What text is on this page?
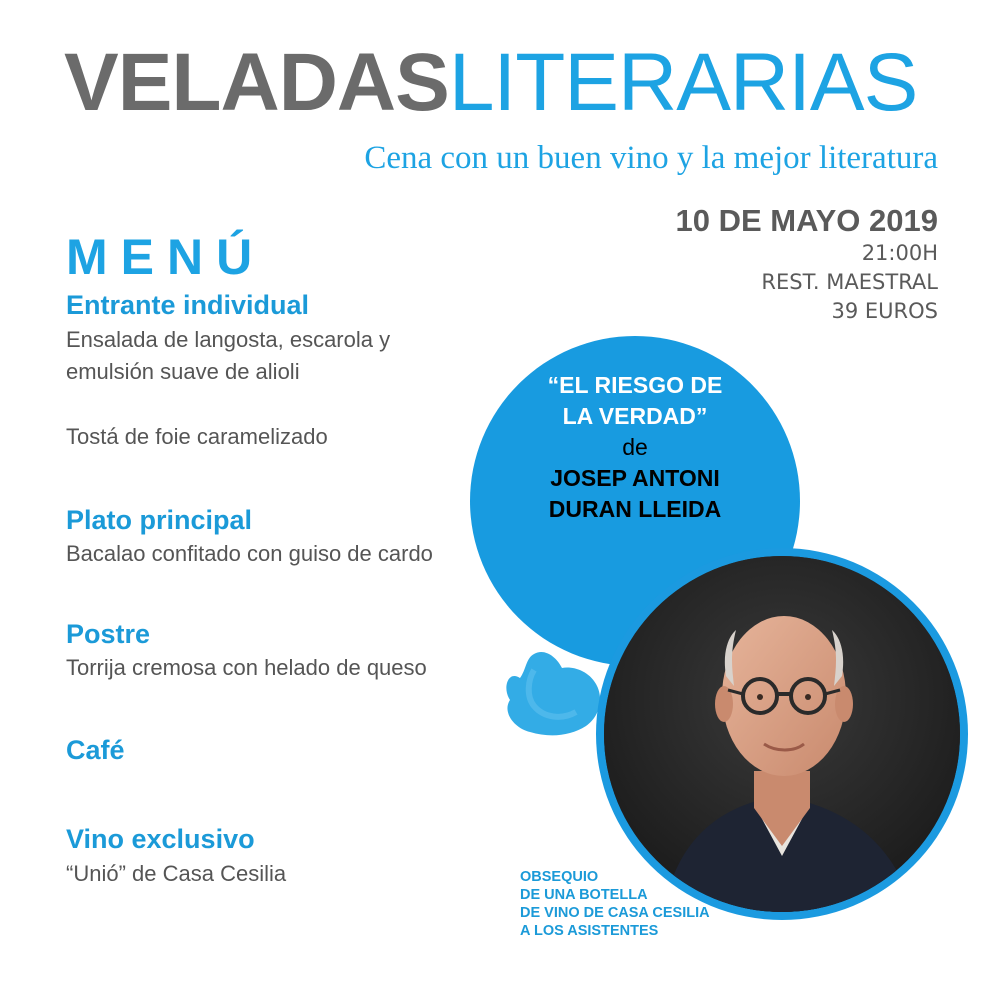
VELADASLITERARIAS
Cena con un buen vino y la mejor literatura
10 DE MAYO 2019
21:00H
REST. MAESTRAL
39 EUROS
MENÚ
Entrante individual
Ensalada de langosta, escarola y
emulsión suave de alioli
Tostá de foie caramelizado
Plato principal
Bacalao confitado con guiso de cardo
Postre
Torrija cremosa con helado de queso
Café
Vino exclusivo
“Unió” de Casa Cesilia
“EL RIESGO DE
LA VERDAD”
de
JOSEP ANTONI
DURAN LLEIDA
OBSEQUIO
DE UNA BOTELLA
DE VINO DE CASA CESILIA
A LOS ASISTENTES
